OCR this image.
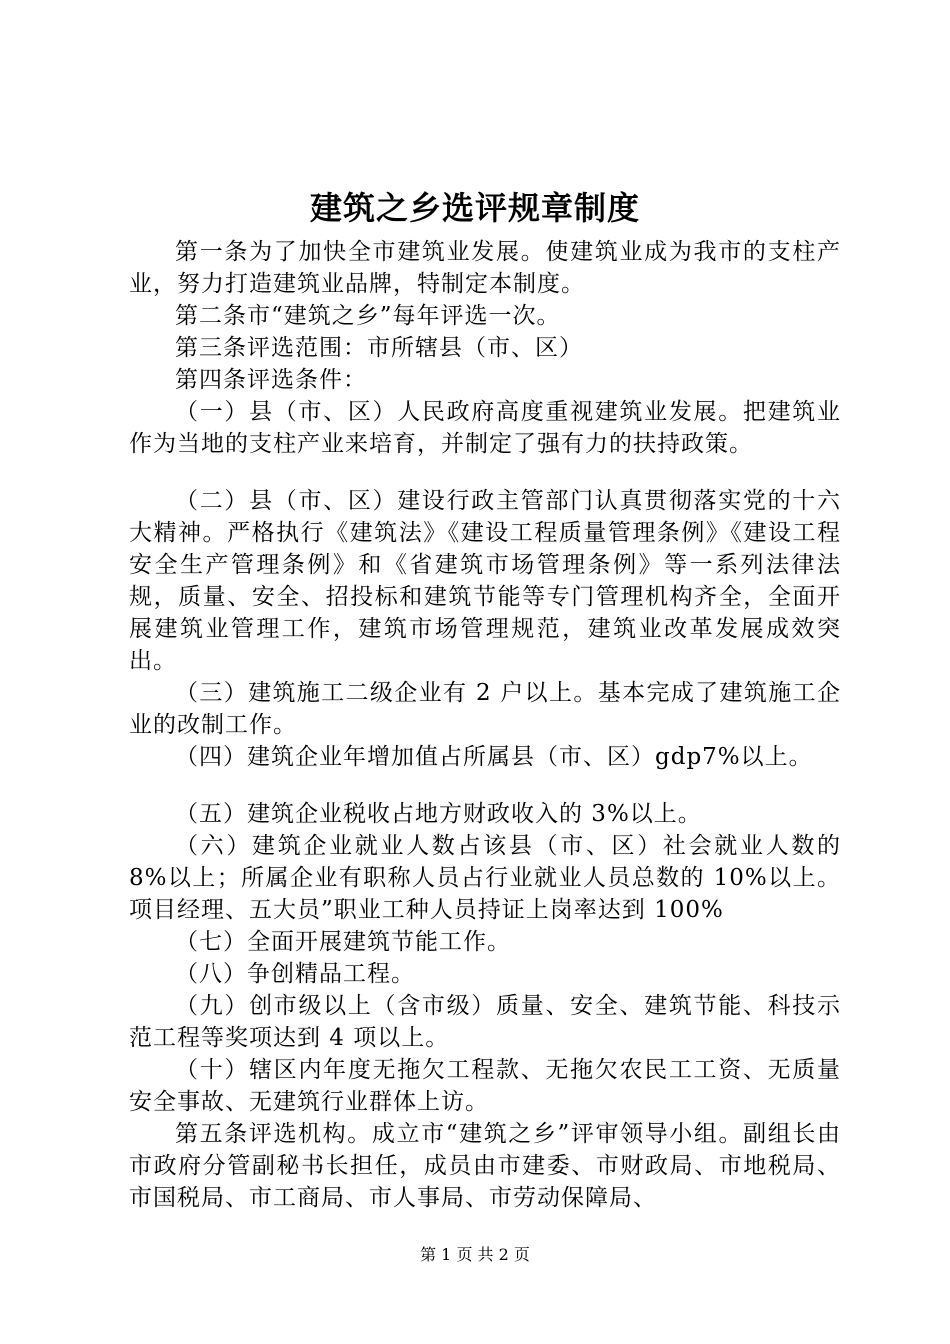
建筑之乡选评规章制度

第一条为了加快全市建筑业发展。使建筑业成为我市的支柱产业，努力打造建筑业品牌，特制定本制度。

第二条市“建筑之乡”每年评选一次。

第三条评选范围：市所辖县（市、区）

第四条评选条件：

（一）县（市、区）人民政府高度重视建筑业发展。把建筑业作为当地的支柱产业来培育，并制定了强有力的扶持政策。

（二）县（市、区）建设行政主管部门认真贯彻落实党的十六大精神。严格执行《建筑法》《建设工程质量管理条例》《建设工程安全生产管理条例》和《省建筑市场管理条例》等一系列法律法规，质量、安全、招投标和建筑节能等专门管理机构齐全，全面开展建筑业管理工作，建筑市场管理规范，建筑业改革发展成效突出。

（三）建筑施工二级企业有 2 户以上。基本完成了建筑施工企业的改制工作。

（四）建筑企业年增加值占所属县（市、区）gdp7%以上。

（五）建筑企业税收占地方财政收入的 3%以上。

（六）建筑企业就业人数占该县（市、区）社会就业人数的 8%以上；所属企业有职称人员占行业就业人员总数的 10%以上。项目经理、五大员”职业工种人员持证上岗率达到 100%

（七）全面开展建筑节能工作。

（八）争创精品工程。

（九）创市级以上（含市级）质量、安全、建筑节能、科技示范工程等奖项达到 4 项以上。

（十）辖区内年度无拖欠工程款、无拖欠农民工工资、无质量安全事故、无建筑行业群体上访。

第五条评选机构。成立市“建筑之乡”评审领导小组。副组长由市政府分管副秘书长担任，成员由市建委、市财政局、市地税局、市国税局、市工商局、市人事局、市劳动保障局、

第 1 页 共 2 页
